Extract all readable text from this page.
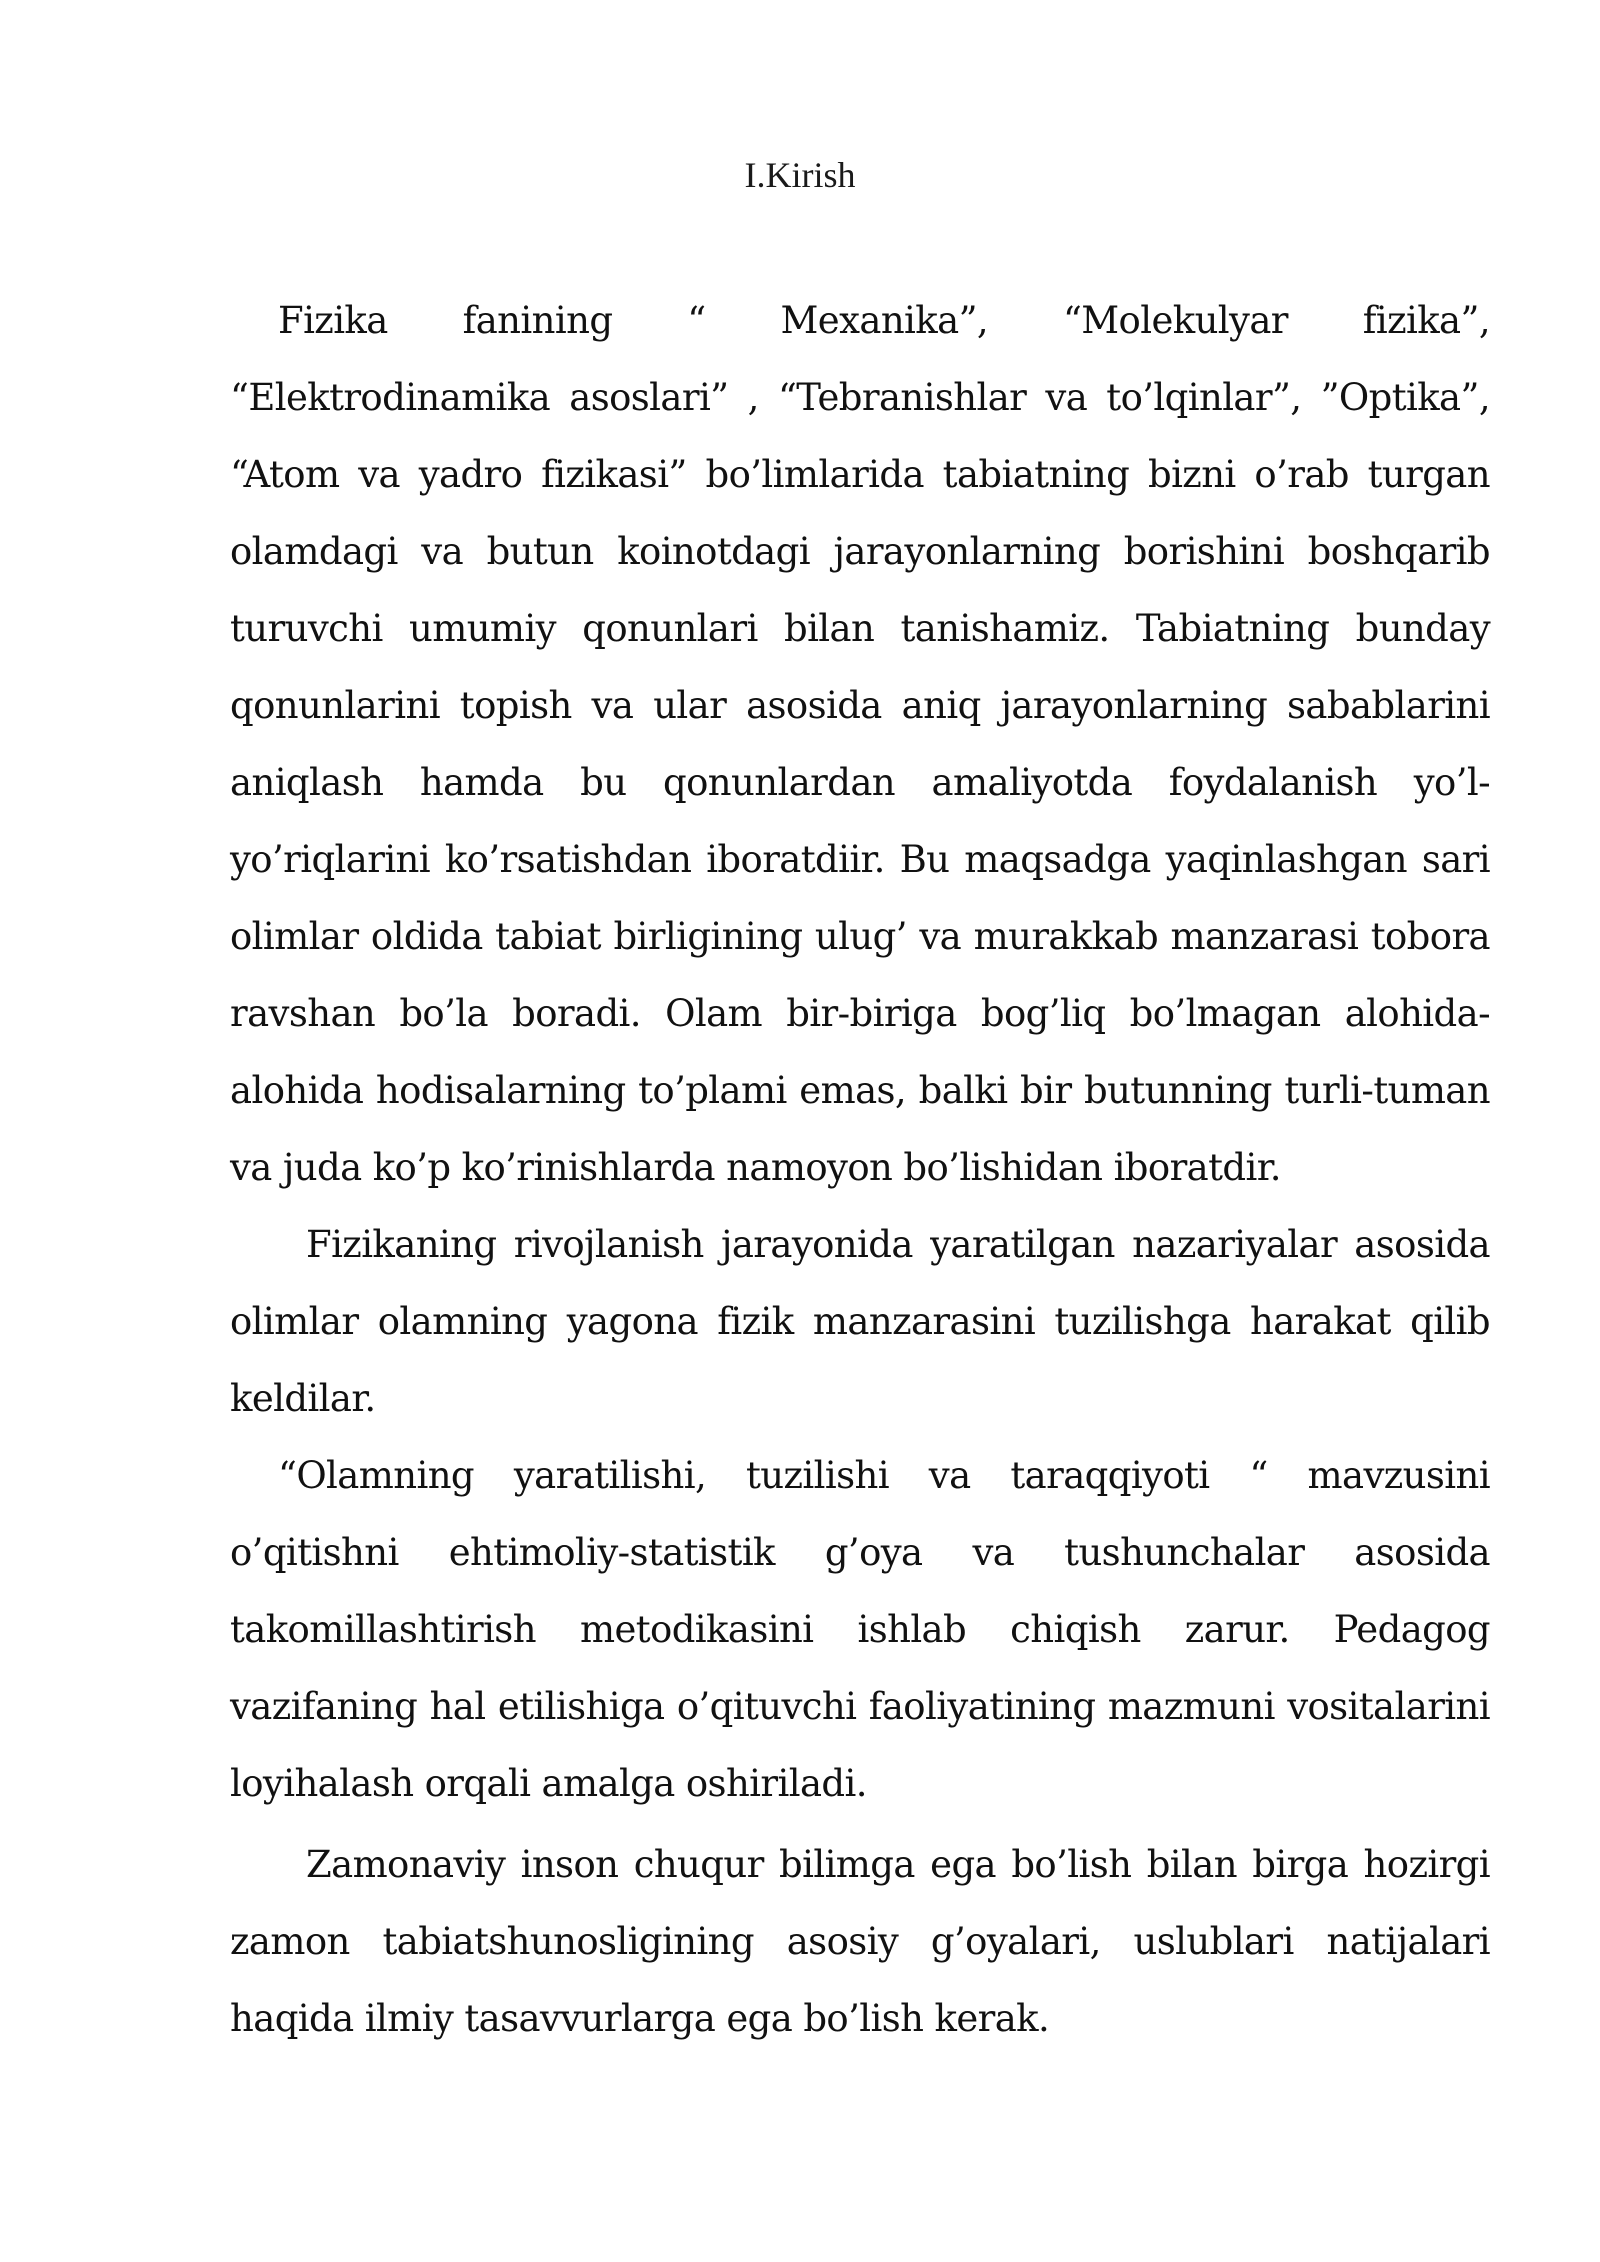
I.Kirish

Fizika fanining “ Mexanika”, “Molekulyar fizika”, “Elektrodinamika asoslari” , “Tebranishlar va to’lqinlar”, ”Optika”, “Atom va yadro fizikasi” bo’limlarida tabiatning bizni o’rab turgan olamdagi va butun koinotdagi jarayonlarning borishini boshqarib turuvchi umumiy qonunlari bilan tanishamiz. Tabiatning bunday qonunlarini topish va ular asosida aniq jarayonlarning sabablarini aniqlash hamda bu qonunlardan amaliyotda foydalanish yo’l-yo’riqlarini ko’rsatishdan iboratdiir. Bu maqsadga yaqinlashgan sari olimlar oldida tabiat birligining ulug’ va murakkab manzarasi tobora ravshan bo’la boradi. Olam bir-biriga bog’liq bo’lmagan alohida-alohida hodisalarning to’plami emas, balki bir butunning turli-tuman va juda ko’p ko’rinishlarda namoyon bo’lishidan iboratdir.

Fizikaning rivojlanish jarayonida yaratilgan nazariyalar asosida olimlar olamning yagona fizik manzarasini tuzilishga harakat qilib keldilar.

“Olamning yaratilishi, tuzilishi va taraqqiyoti “ mavzusini o’qitishni ehtimoliy-statistik g’oya va tushunchalar asosida takomillashtirish metodikasini ishlab chiqish zarur. Pedagog vazifaning hal etilishiga o’qituvchi faoliyatining mazmuni vositalarini loyihalash orqali amalga oshiriladi.

Zamonaviy inson chuqur bilimga ega bo’lish bilan birga hozirgi zamon tabiatshunosligining asosiy g’oyalari, uslublari natijalari haqida ilmiy tasavvurlarga ega bo’lish kerak.
